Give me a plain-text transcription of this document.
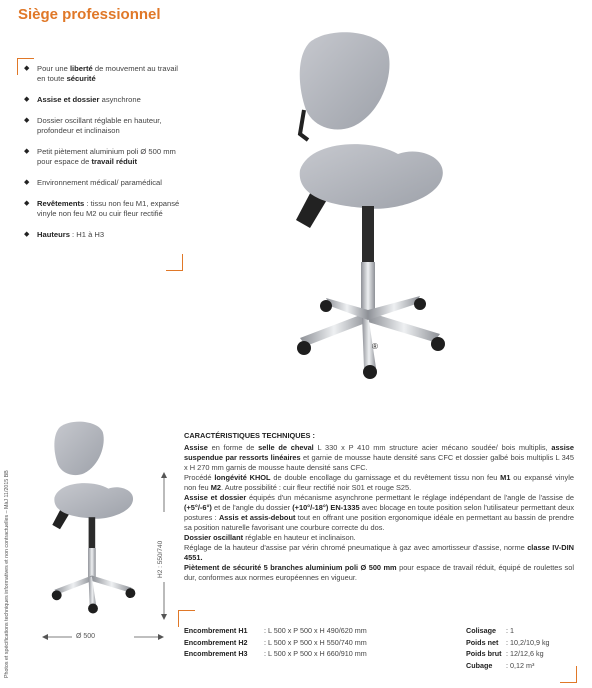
Siège professionnel
◆ Pour une liberté de mouvement au travail en toute sécurité
◆ Assise et dossier asynchrone
◆ Dossier oscillant réglable en hauteur, profondeur et inclinaison
◆ Petit piètement aluminium poli Ø 500 mm
pour espace de travail réduit
◆ Environnement médical/ paramédical
◆ Revêtements : tissu non feu M1, expansé vinyle non feu M2 ou cuir fleur rectifié
◆ Hauteurs : H1 à H3
®
Photos et spécifications techniques informatives et non contractuelles – MàJ 11/2015 BB	H2 : 550/740
Ø 500
CARACTÉRISTIQUES TECHNIQUES :

Assise en forme de selle de cheval L 330 x P 410 mm structure acier mécano soudée/ bois multiplis, assise suspendue par ressorts linéaires et garnie de mousse haute densité sans CFC et dossier galbé bois multiplis L 345 x H 270 mm garnis de mousse haute densité sans CFC.

Procédé longévité KHOL de double encollage du garnissage et du revêtement tissu non feu M1 ou expansé vinyle non feu M2. Autre possibilité : cuir fleur rectifié noir S01 et rouge S25.

Assise et dossier équipés d'un mécanisme asynchrone permettant le réglage indépendant de l'angle de l'assise de (+5°/-6°) et de l'angle du dossier (+10°/-18°) EN-1335 avec blocage en toute position selon l'utilisateur permettant deux postures : Assis et assis-debout tout en offrant une position ergonomique idéale en permettant au bassin de prendre sa position naturelle favorisant une courbure correcte du dos.

Dossier oscillant réglable en hauteur et inclinaison.

Réglage de la hauteur d'assise par vérin chromé pneumatique à gaz avec amortisseur d'assise, norme classe IV-DIN 4551.

Piètement de sécurité 5 branches aluminium poli Ø 500 mm pour espace de travail réduit, équipé de roulettes sol dur, conformes aux normes européennes en vigueur.

Encombrement H1 : L 500 x P 500 x H 490/620 mm
Encombrement H2 : L 500 x P 500 x H 550/740 mm
Encombrement H3 : L 500 x P 500 x H 660/910 mm
Colisage : 1
Poids net : 10,2/10,9 kg
Poids brut : 12/12,6 kg
Cubage : 0,12 m³
